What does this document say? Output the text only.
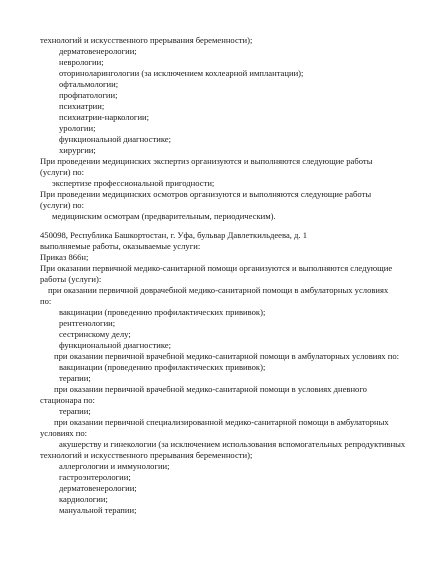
технологий и искусственного прерывания беременности);
дерматовенерологии;
неврологии;
оториноларингологии (за исключением кохлеарной имплантации);
офтальмологии;
профпатологии;
психиатрии;
психиатрии-наркологии;
урологии;
функциональной диагностике;
хирургии;
При проведении медицинских экспертиз организуются и выполняются следующие работы
(услуги) по:
экспертизе профессиональной пригодности;
При проведении медицинских осмотров организуются и выполняются следующие работы
(услуги) по:
медицинским осмотрам (предварительным, периодическим).
450098, Республика Башкортостан, г. Уфа, бульвар Давлеткильдеева, д. 1
выполняемые работы, оказываемые услуги:
Приказ 866н;
При оказании первичной медико-санитарной помощи организуются и выполняются следующие
работы (услуги):
при оказании первичной доврачебной медико-санитарной помощи в амбулаторных условиях
по:
вакцинации (проведению профилактических прививок);
рентгенологии;
сестринскому делу;
функциональной диагностике;
при оказании первичной врачебной медико-санитарной помощи в амбулаторных условиях по:
вакцинации (проведению профилактических прививок);
терапии;
при оказании первичной врачебной медико-санитарной помощи в условиях дневного
стационара по:
терапии;
при оказании первичной специализированной медико-санитарной помощи в амбулаторных
условиях по:
акушерству и гинекологии (за исключением использования вспомогательных репродуктивных
технологий и искусственного прерывания беременности);
аллергологии и иммунологии;
гастроэнтерологии;
дерматовенерологии;
кардиологии;
мануальной терапии;
